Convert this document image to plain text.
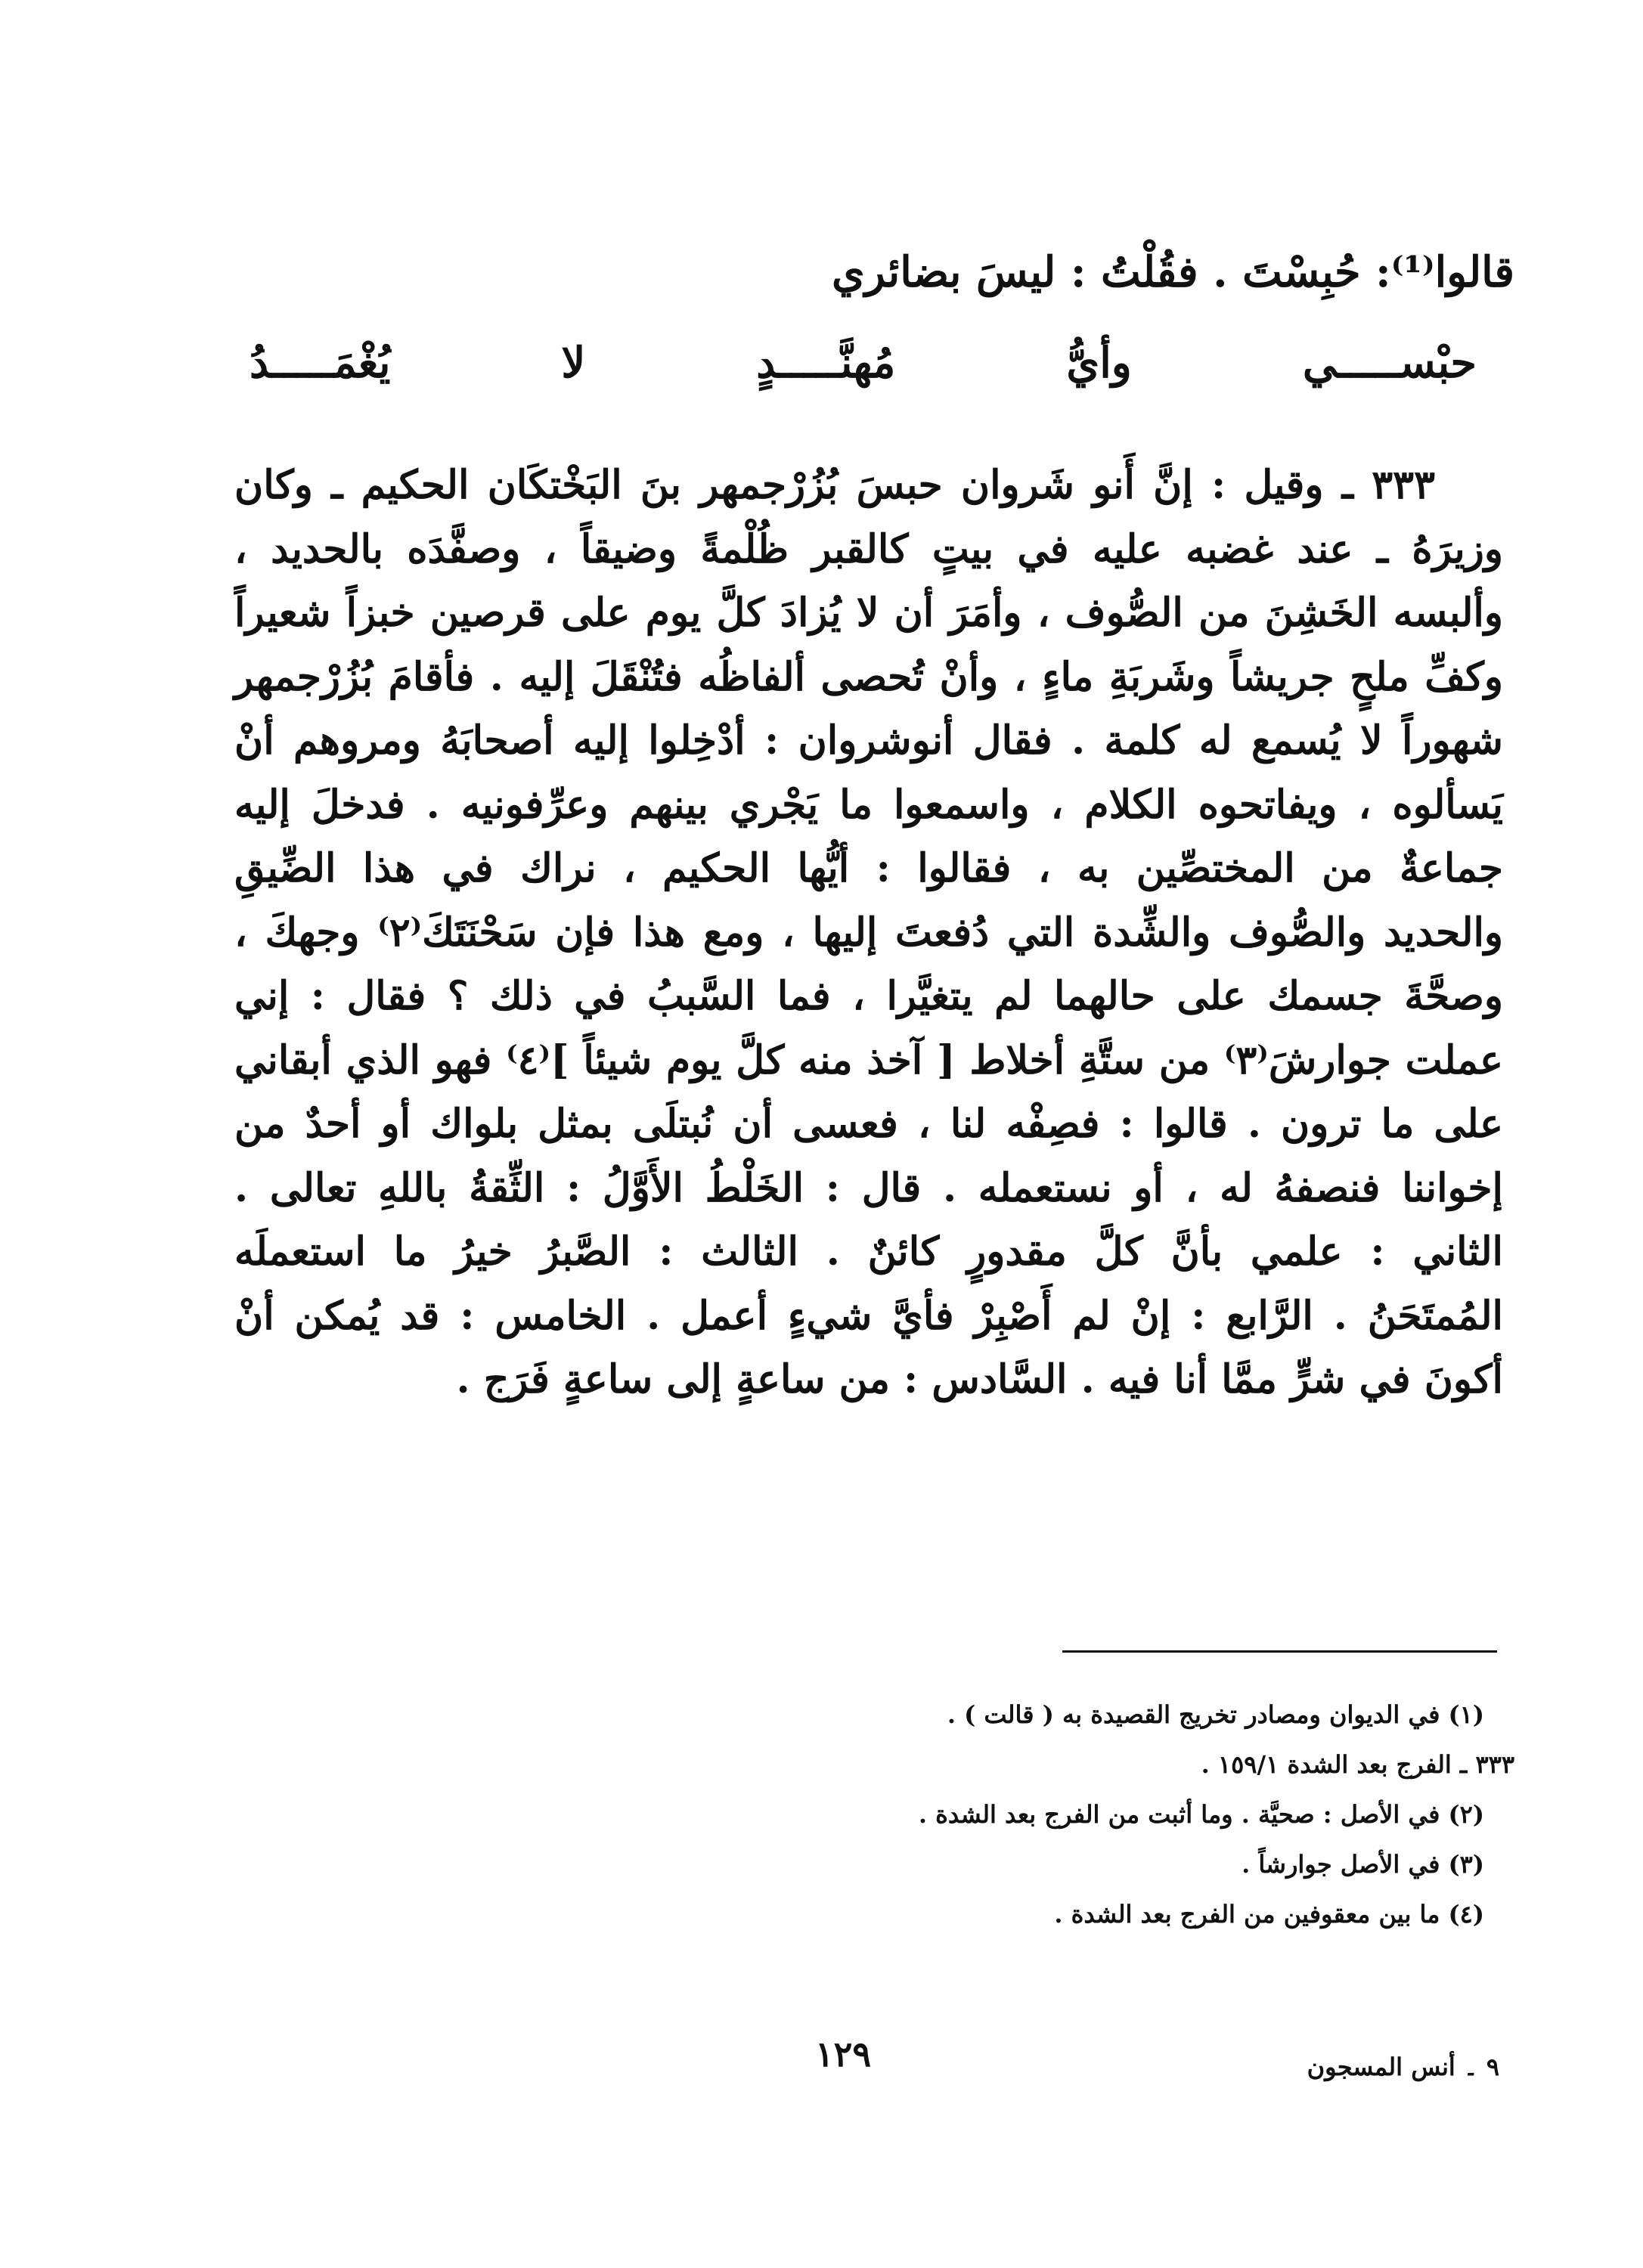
قالوا⁽¹⁾: حُبِسْتَ . فقُلْتُ : ليسَ بضائري
حبْســـــي وأيُّ مُهنَّـــــدٍ لا يُغْمَـــــدُ
٣٣٣ ـ وقيل : إنَّ أَنو شَروان حبسَ بُزُرْجمهر بنَ البَخْتكَان الحكيم ـ وكان
وزيرَهُ ـ عند غضبه عليه في بيتٍ كالقبر ظُلْمةً وضيقاً ، وصفَّدَه بالحديد ،
وألبسه الخَشِنَ من الصُّوف ، وأمَرَ أن لا يُزادَ كلَّ يوم على قرصين خبزاً شعيراً
وكفِّ ملحٍ جريشاً وشَربَةِ ماءٍ ، وأنْ تُحصى ألفاظُه فتُنْقَلَ إليه . فأقامَ بُزُرْجمهر
شهوراً لا يُسمع له كلمة . فقال أنوشروان : أدْخِلوا إليه أصحابَهُ ومروهم أنْ
يَسألوه ، ويفاتحوه الكلام ، واسمعوا ما يَجْري بينهم وعرِّفونيه . فدخلَ إليه
جماعةٌ من المختصِّين به ، فقالوا : أيُّها الحكيم ، نراك في هذا الضِّيقِ
والحديد والصُّوف والشِّدة التي دُفعتَ إليها ، ومع هذا فإن سَحْنَتَكَ⁽٢⁾ وجهكَ ،
وصحَّةَ جسمك على حالهما لم يتغيَّرا ، فما السَّببُ في ذلك ؟ فقال : إني
عملت جوارشَ⁽٣⁾ من ستَّةِ أخلاط [ آخذ منه كلَّ يوم شيئاً ]⁽٤⁾ فهو الذي أبقاني
على ما ترون . قالوا : فصِفْه لنا ، فعسى أن نُبتلَى بمثل بلواك أو أحدٌ من
إخواننا فنصفهُ له ، أو نستعمله . قال : الخَلْطُ الأَوَّلُ : الثِّقةُ باللهِ تعالى .
الثاني : علمي بأنَّ كلَّ مقدورٍ كائنٌ . الثالث : الصَّبرُ خيرُ ما استعملَه
المُمتَحَنُ . الرَّابع : إنْ لم أَصْبِرْ فأيَّ شيءٍ أعمل . الخامس : قد يُمكن أنْ
أكونَ في شرٍّ ممَّا أنا فيه . السَّادس : من ساعةٍ إلى ساعةٍ فَرَج .
(١) في الديوان ومصادر تخريج القصيدة به ( قالت ) .
٣٣٣ ـ الفرج بعد الشدة ١٥٩/١ .
(٢) في الأصل : صحيَّة . وما أثبت من الفرج بعد الشدة .
(٣) في الأصل جوارشاً .
(٤) ما بين معقوفين من الفرج بعد الشدة .
١٢٩	٩ ۔ أنس المسجون
